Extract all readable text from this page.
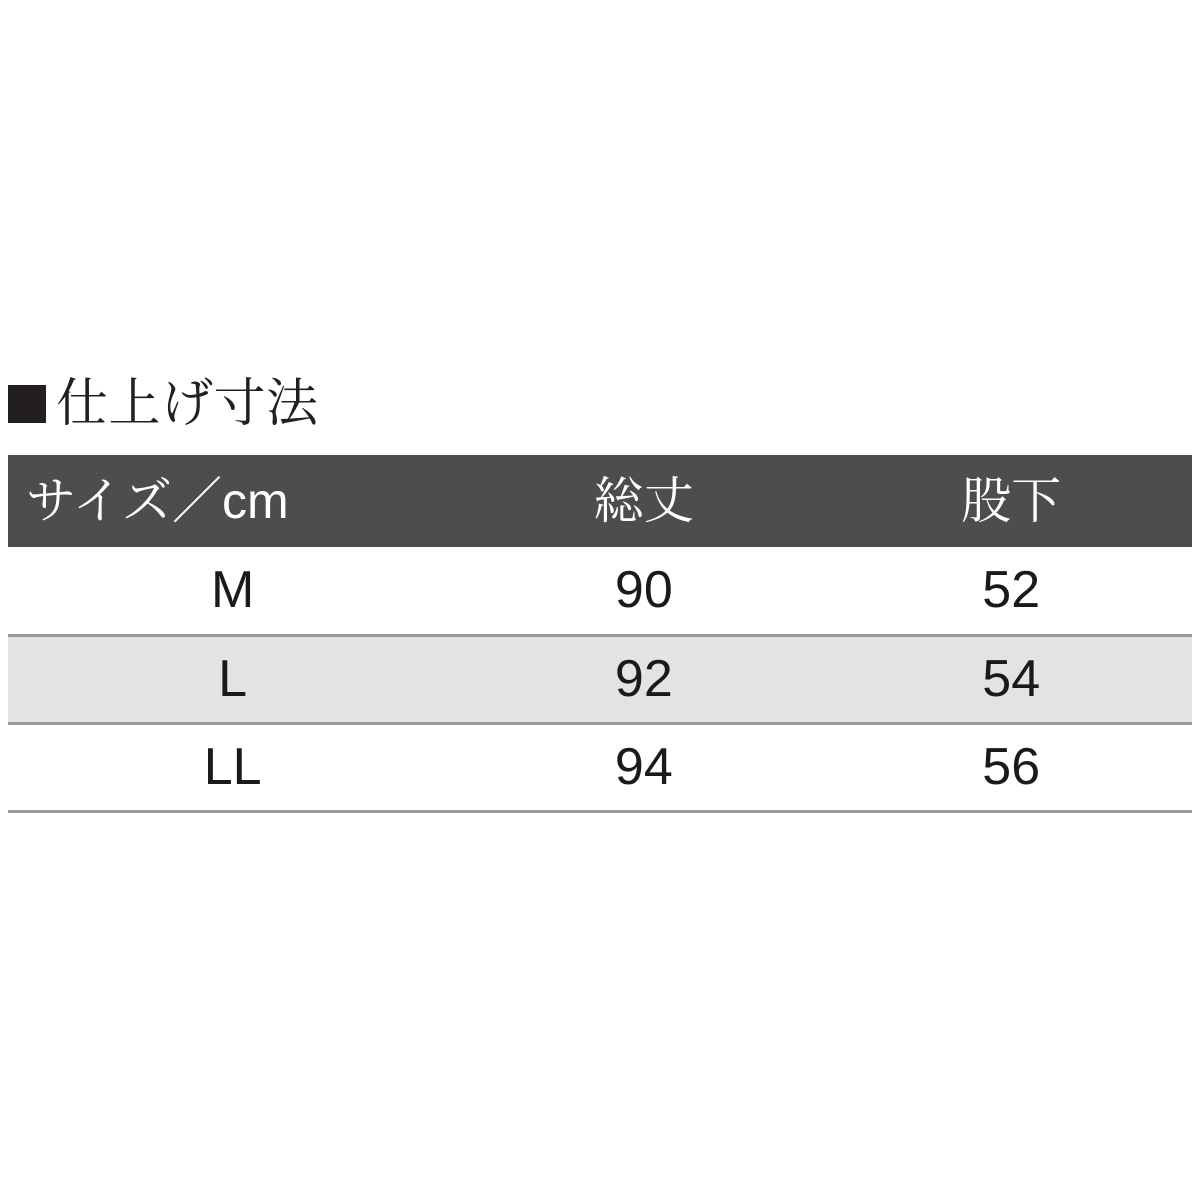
仕上げ寸法
サイズ／cm	総丈	股下
M	90	52
L	92	54
LL	94	56
